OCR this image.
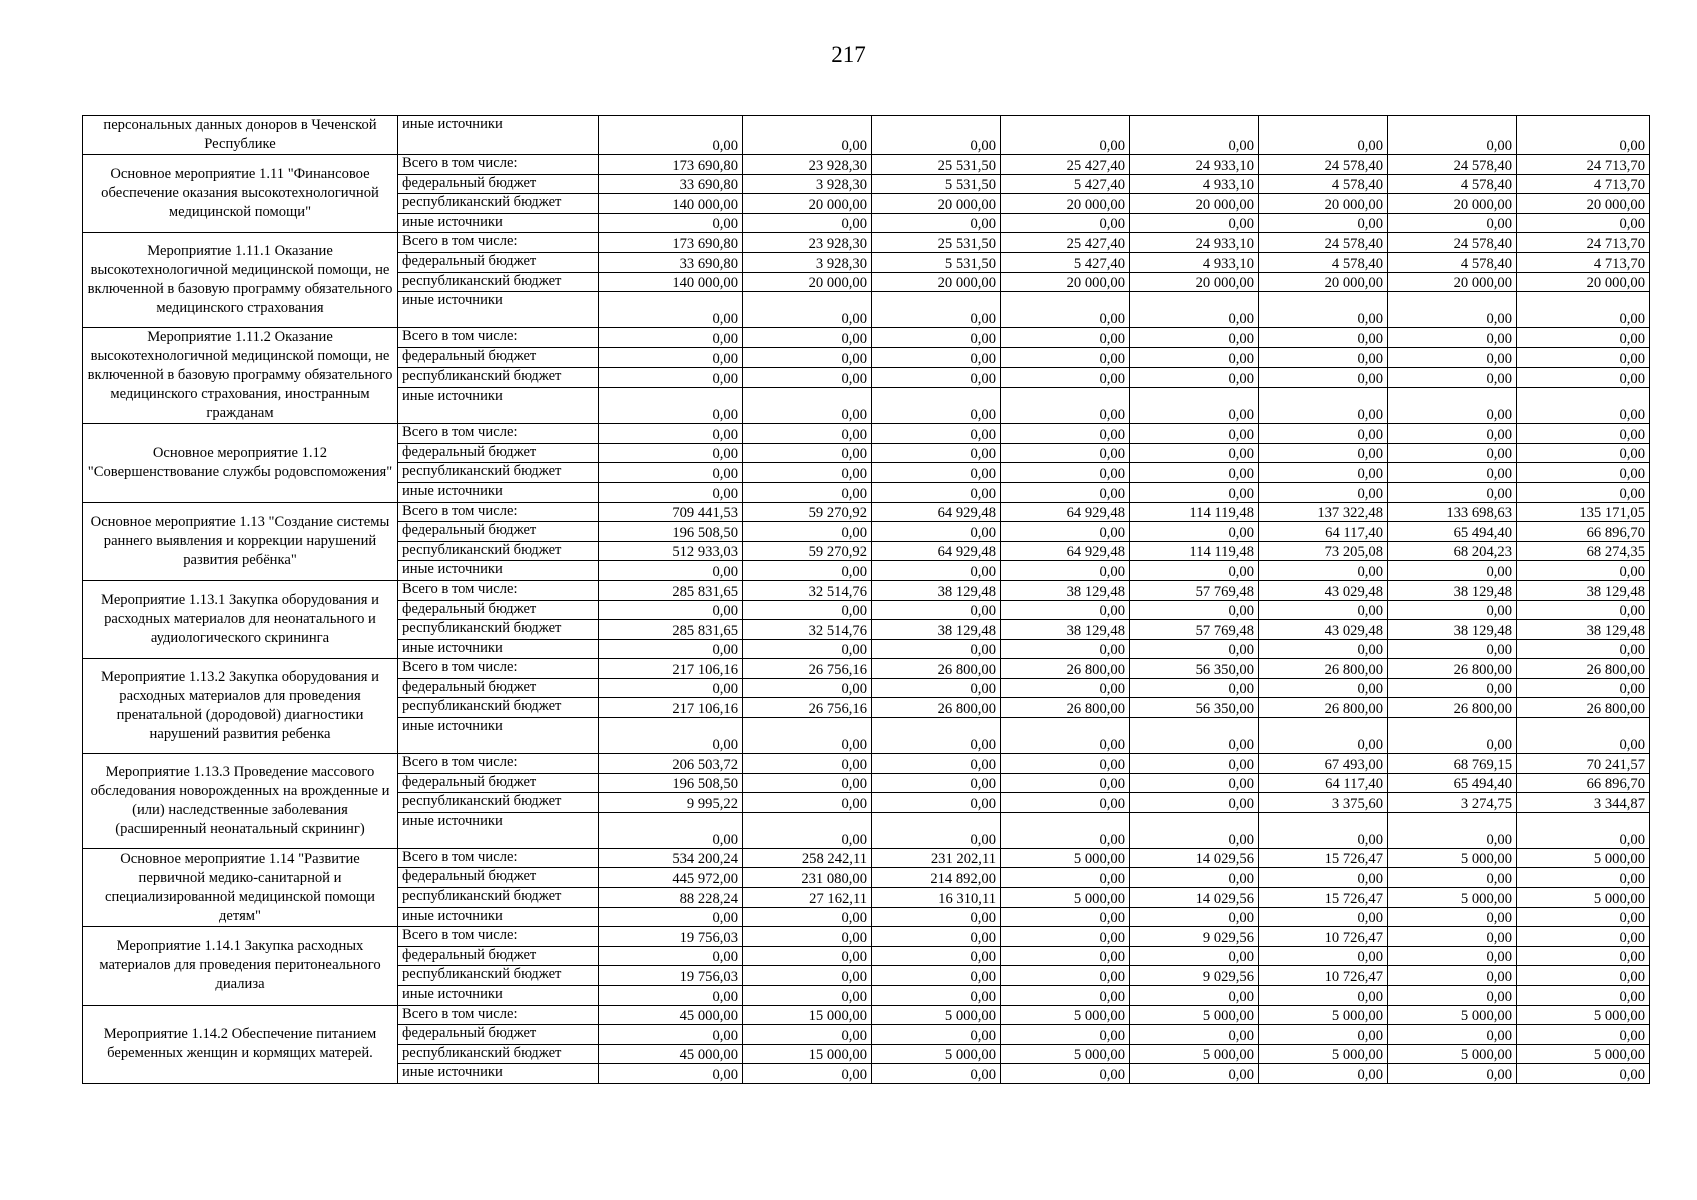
217
персональных данных доноров в Чеченской Республике	иные источники	0,00	0,00	0,00	0,00	0,00	0,00	0,00	0,00
Основное мероприятие 1.11 "Финансовое обеспечение оказания высокотехнологичной медицинской помощи"	Всего в том числе:	173 690,80	23 928,30	25 531,50	25 427,40	24 933,10	24 578,40	24 578,40	24 713,70
	федеральный бюджет	33 690,80	3 928,30	5 531,50	5 427,40	4 933,10	4 578,40	4 578,40	4 713,70
	республиканский бюджет	140 000,00	20 000,00	20 000,00	20 000,00	20 000,00	20 000,00	20 000,00	20 000,00
	иные источники	0,00	0,00	0,00	0,00	0,00	0,00	0,00	0,00
Мероприятие 1.11.1 Оказание высокотехнологичной медицинской помощи, не включенной в базовую программу обязательного медицинского страхования	Всего в том числе:	173 690,80	23 928,30	25 531,50	25 427,40	24 933,10	24 578,40	24 578,40	24 713,70
	федеральный бюджет	33 690,80	3 928,30	5 531,50	5 427,40	4 933,10	4 578,40	4 578,40	4 713,70
	республиканский бюджет	140 000,00	20 000,00	20 000,00	20 000,00	20 000,00	20 000,00	20 000,00	20 000,00
	иные источники	0,00	0,00	0,00	0,00	0,00	0,00	0,00	0,00
Мероприятие 1.11.2 Оказание высокотехнологичной медицинской помощи, не включенной в базовую программу обязательного медицинского страхования, иностранным гражданам	Всего в том числе:	0,00	0,00	0,00	0,00	0,00	0,00	0,00	0,00
	федеральный бюджет	0,00	0,00	0,00	0,00	0,00	0,00	0,00	0,00
	республиканский бюджет	0,00	0,00	0,00	0,00	0,00	0,00	0,00	0,00
	иные источники	0,00	0,00	0,00	0,00	0,00	0,00	0,00	0,00
Основное мероприятие 1.12 "Совершенствование службы родовспоможения"	Всего в том числе:	0,00	0,00	0,00	0,00	0,00	0,00	0,00	0,00
	федеральный бюджет	0,00	0,00	0,00	0,00	0,00	0,00	0,00	0,00
	республиканский бюджет	0,00	0,00	0,00	0,00	0,00	0,00	0,00	0,00
	иные источники	0,00	0,00	0,00	0,00	0,00	0,00	0,00	0,00
Основное мероприятие 1.13 "Создание системы раннего выявления и коррекции нарушений развития ребёнка"	Всего в том числе:	709 441,53	59 270,92	64 929,48	64 929,48	114 119,48	137 322,48	133 698,63	135 171,05
	федеральный бюджет	196 508,50	0,00	0,00	0,00	0,00	64 117,40	65 494,40	66 896,70
	республиканский бюджет	512 933,03	59 270,92	64 929,48	64 929,48	114 119,48	73 205,08	68 204,23	68 274,35
	иные источники	0,00	0,00	0,00	0,00	0,00	0,00	0,00	0,00
Мероприятие 1.13.1 Закупка оборудования и расходных материалов для неонатального и аудиологического скрининга	Всего в том числе:	285 831,65	32 514,76	38 129,48	38 129,48	57 769,48	43 029,48	38 129,48	38 129,48
	федеральный бюджет	0,00	0,00	0,00	0,00	0,00	0,00	0,00	0,00
	республиканский бюджет	285 831,65	32 514,76	38 129,48	38 129,48	57 769,48	43 029,48	38 129,48	38 129,48
	иные источники	0,00	0,00	0,00	0,00	0,00	0,00	0,00	0,00
Мероприятие 1.13.2 Закупка оборудования и расходных материалов для проведения пренатальной (дородовой) диагностики нарушений развития ребенка	Всего в том числе:	217 106,16	26 756,16	26 800,00	26 800,00	56 350,00	26 800,00	26 800,00	26 800,00
	федеральный бюджет	0,00	0,00	0,00	0,00	0,00	0,00	0,00	0,00
	республиканский бюджет	217 106,16	26 756,16	26 800,00	26 800,00	56 350,00	26 800,00	26 800,00	26 800,00
	иные источники	0,00	0,00	0,00	0,00	0,00	0,00	0,00	0,00
Мероприятие 1.13.3 Проведение массового обследования новорожденных на врожденные и (или) наследственные заболевания (расширенный неонатальный скрининг)	Всего в том числе:	206 503,72	0,00	0,00	0,00	0,00	67 493,00	68 769,15	70 241,57
	федеральный бюджет	196 508,50	0,00	0,00	0,00	0,00	64 117,40	65 494,40	66 896,70
	республиканский бюджет	9 995,22	0,00	0,00	0,00	0,00	3 375,60	3 274,75	3 344,87
	иные источники	0,00	0,00	0,00	0,00	0,00	0,00	0,00	0,00
Основное мероприятие 1.14 "Развитие первичной медико-санитарной и специализированной медицинской помощи детям"	Всего в том числе:	534 200,24	258 242,11	231 202,11	5 000,00	14 029,56	15 726,47	5 000,00	5 000,00
	федеральный бюджет	445 972,00	231 080,00	214 892,00	0,00	0,00	0,00	0,00	0,00
	республиканский бюджет	88 228,24	27 162,11	16 310,11	5 000,00	14 029,56	15 726,47	5 000,00	5 000,00
	иные источники	0,00	0,00	0,00	0,00	0,00	0,00	0,00	0,00
Мероприятие 1.14.1 Закупка расходных материалов для проведения перитонеального диализа	Всего в том числе:	19 756,03	0,00	0,00	0,00	9 029,56	10 726,47	0,00	0,00
	федеральный бюджет	0,00	0,00	0,00	0,00	0,00	0,00	0,00	0,00
	республиканский бюджет	19 756,03	0,00	0,00	0,00	9 029,56	10 726,47	0,00	0,00
	иные источники	0,00	0,00	0,00	0,00	0,00	0,00	0,00	0,00
Мероприятие 1.14.2 Обеспечение питанием беременных женщин и кормящих матерей.	Всего в том числе:	45 000,00	15 000,00	5 000,00	5 000,00	5 000,00	5 000,00	5 000,00	5 000,00
	федеральный бюджет	0,00	0,00	0,00	0,00	0,00	0,00	0,00	0,00
	республиканский бюджет	45 000,00	15 000,00	5 000,00	5 000,00	5 000,00	5 000,00	5 000,00	5 000,00
	иные источники	0,00	0,00	0,00	0,00	0,00	0,00	0,00	0,00
